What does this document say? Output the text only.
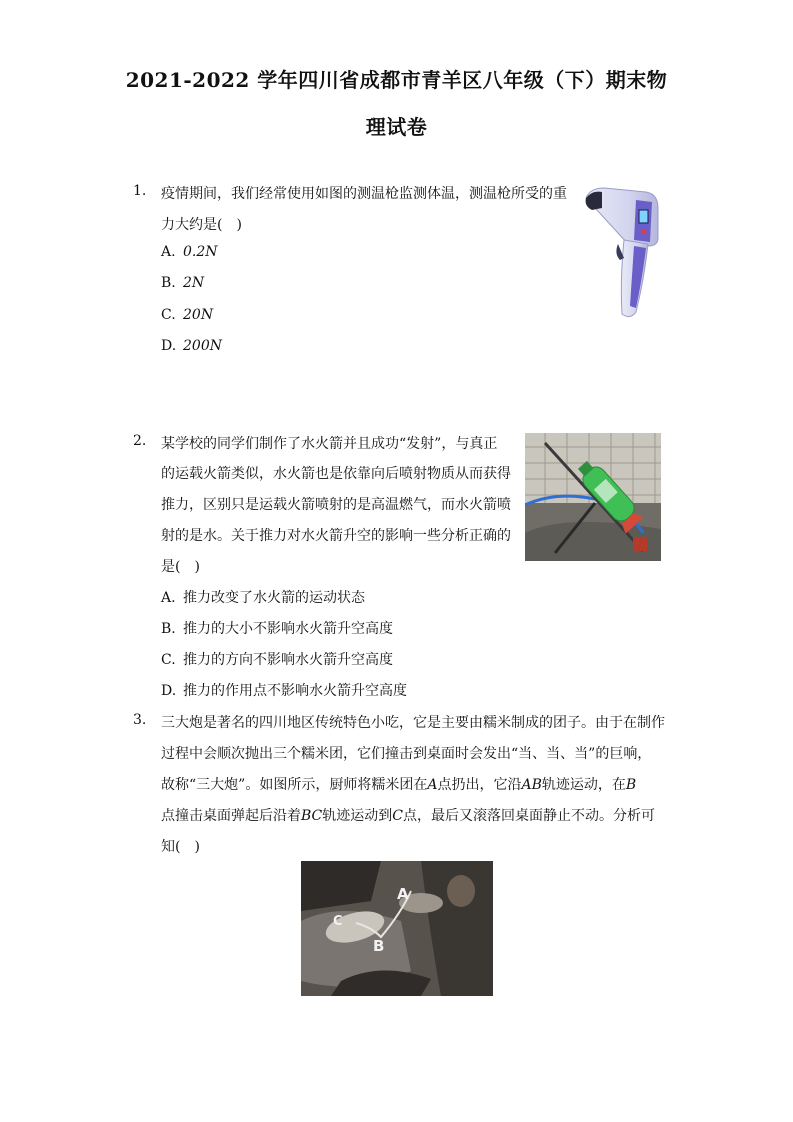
2021-2022 学年四川省成都市青羊区八年级（下）期末物
理试卷
1. 疫情期间，我们经常使用如图的测温枪监测体温，测温枪所受的重
力大约是(　)
A. 0.2N
B. 2N
C. 20N
D. 200N
2. 某学校的同学们制作了水火箭并且成功“发射”，与真正
的运载火箭类似，水火箭也是依靠向后喷射物质从而获得
推力，区别只是运载火箭喷射的是高温燃气，而水火箭喷
射的是水。关于推力对水火箭升空的影响一些分析正确的
是(　)
A. 推力改变了水火箭的运动状态
B. 推力的大小不影响水火箭升空高度
C. 推力的方向不影响水火箭升空高度
D. 推力的作用点不影响水火箭升空高度
3. 三大炮是著名的四川地区传统特色小吃，它是主要由糯米制成的团子。由于在制作
过程中会顺次抛出三个糯米团，它们撞击到桌面时会发出“当、当、当”的巨响，
故称“三大炮”。如图所示，厨师将糯米团在A点扔出，它沿AB轨迹运动，在B
点撞击桌面弹起后沿着BC轨迹运动到C点，最后又滚落回桌面静止不动。分析可
知(　)
A
B
C
